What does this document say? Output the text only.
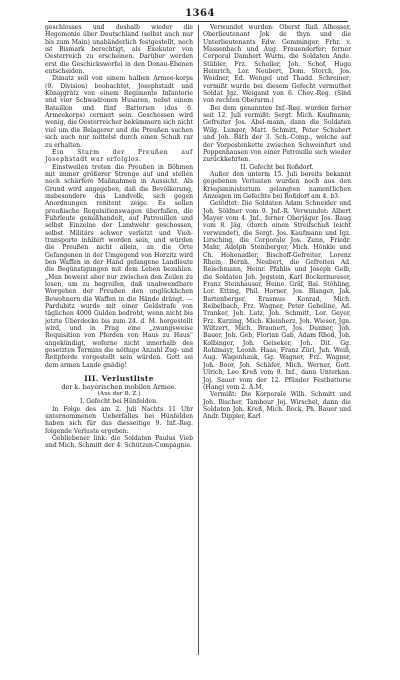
1364

geschlosses und deshalb wieder die Hegemonie über Deutschland (selbst auch nur bis zum Main) unabänderlich festgestellt, noch ist Bismark berechtigt, als Exekutor von Oesterreich zu erscheinen. Darüber werden erst die Geschicksworfel in den Donau-Ebenen entscheiden.

Dimatz soll von einem halben Armee-korps (9. Division) beobachtet, Josephstadt und Königgrätz von einem Regimente Infanterie und vier Schwadronen Husaren, nebst einem Bataillon und fünf Batterien (des 6. Armeekorps) cerniert sein. Geschossen wird wenig, die Oesterreicher bekümmern sich nicht viel um die Belagerer und die Preußen suchen sich auch nur mittelst durch einen Schuß rar zu erhalten.

Ein Sturm der Preußen auf Josephstadt war erfolglos.

Einstweilen treten die Preußen in Böhmen mit immer größerer Strenge auf und stellen noch schärfere Maßnahmen in Aussicht. Als Grund wird angegeben, daß die Bevölkerung, insbesondere das Landvolk, sich gegen Anordnungen renitent zeige. Es sollen preußische Requisitionswagen überfallen, die Fuhrleute gemißhandelt, auf Patrouillen und selbst Einzelne der Landwehr geschossen, selbst Militärs schwer verletzt und Vieh-transporte inhibirt worden sein, und würden die Preußen nicht allein, an die Orte Gefangenen in der Umgegend von Horzitz wird ben Waffen in der Hand gefangene Landleute die Begünstigungen mit dem Leben bezahlen. „Man beweist aber nur zwischen den Zeilen zu lesen, um zu begreifen, daß unabwendbare Worgehen der Preußen den unglücklichen Bewohnern die Waffen in die Hände drängt. — Pardubitz wurde mit einer Geldstrafe von täglichen 4000 Gulden bedroht, wenn nicht bis jetzte Überdecke bis zum 24. d. M. hergestellt wird, und in Prag eine „zwangsweise Requisition von Pferden von Haus zu Haus“ angekündigt, woferne nicht innerhalb des gesetzten Termins die nöthige Anzahl Zug- und Reitpferde vorgestellt sein würden. Gott sei dem armen Lande gnädig!

III. Verlustliste
der k. bayerischen mobilen Armee.
(Aus der B. Z.)
I. Gefecht bei Hünfelden.

In Folge des am 2. Juli Nachts 11 Uhr unternommenen Ueberfalles bei Hünfelden haben sich für das diesseitige 9. Inf.-Reg. folgende Verluste ergeben:

Gebliebener link: die Soldaten Paulus Vieb und Mich. Schmitt der 4. Schützen-Compagnie.

Verwundet wurden: Oberst Ruß Albosser, Oberlieutenant Jok de thyn und die Unterlieutenants Edw. Gemminger, Frhr. v. Massenbach und Aug. Frauendorfer; ferner Corporal Damhert Wurm, die Soldaten Ande. Stübler, Frz. Scheller, Joh. Schof, Hugo Heinrich, Lor. Neubert, Dom. Storch, Jos. Weidner, Ed. Wengel und Thadd. Schreiner; vermißt wurde bei diesem Gefecht vermuthet Soldat Jgz. Weigand von 6. Chev.-Reg. (Sind von rechten Oberarm.)

Bei dem genannten Inf.-Reg. wurden ferner seit 12. Juli vermißt: Sergt. Mich. Kaufmann, Gefreiter Jos. Abel-mann, dann die Soldaten Wilg. Lunger, Matt. Schmitt, Peter Schubert und Joh. Bäth der 3. Sch.-Comp., welche auf der Vorpostenkette zwischen Schweinfurt und Poppenhausen von einer Patrouille sich wieder zurückkehrten.

II. Gefecht bei Roßdorf.

Außer den unterm 15. Juli bereits bekannt gegebenen Verlusten wurden noch aus den Kriegsministerium gelangten namentlichen Anzeigen im Gefechte bei Roßdorf am 4. b3.

Getödtet: Die Soldaten Adam Schneider und Joh. Söldner vom 9. Jnf.-R. Verwundet: Albert Mayer vom 4. Jnf., ferner Oberjäger Jos. Baug vom 8. Jäg. (durch einen Streifschuß leicht verwundet), die Sergt. Jos. Kaufmann und Igz. Lirsching, die Corporale Jos. Zenn, Friedr. Mahr, Adolph Steinberger, Mich. Hönkle und Ch. Hohenadler, Bischoff-Gefreiter, Lorenz Rhein, Bernh. Neubert, die Gefreiten Ad. Reischmann, Heinr. Pfahlis und Joseph Gelb, die Soldaten Joh. Jegstein, Karl Bockermeuser, Franz Steinhauser, Heine. Gräf, Bal. Stöhling, Lor. Etting, Phil. Horner, Jos. Blanger, Jak. Bartenberger, Erasmus Konrad, Mich. Reibelbach, Frz. Wagner, Peter Gebeline, Ad. Tranker, Joh. Lutz, Joh. Schmitt, Lor. Geyer, Frz. Kurzing, Mich. Kleinherz, Joh. Wieser, Jgn. Wiltzert, Mich. Braunert, Jos. Dunner, Joh. Bauer, Joh. Geb, Florian Gab, Adam Rhod, Joh. Kolbinger, Joh. Geiseker, Joh. Dit. Gg. Rohlmayr, Leonh. Haas, Franz Zürl, Juh. Weiß, Aug. Wagenhauk, Gg. Wagner, Frz. Wagner, Joh. Boor, Joh. Schäfer, Mich. Werner, Gott. Ulrich, Leo Kreß vom 9. Inf., dann Unterkan. Joj. Sauer vom der 12. Pfünder Festbatterie (Hang) vom 2. A.M.

Vermißt: Die Korporale Wilh. Schmitt und Joh. Bischer, Tambour Joj. Wirschel, dann die Soldaten Joh. Kreß, Mich. Bock, Ph. Bauer und Andr. Dippler, Karl
